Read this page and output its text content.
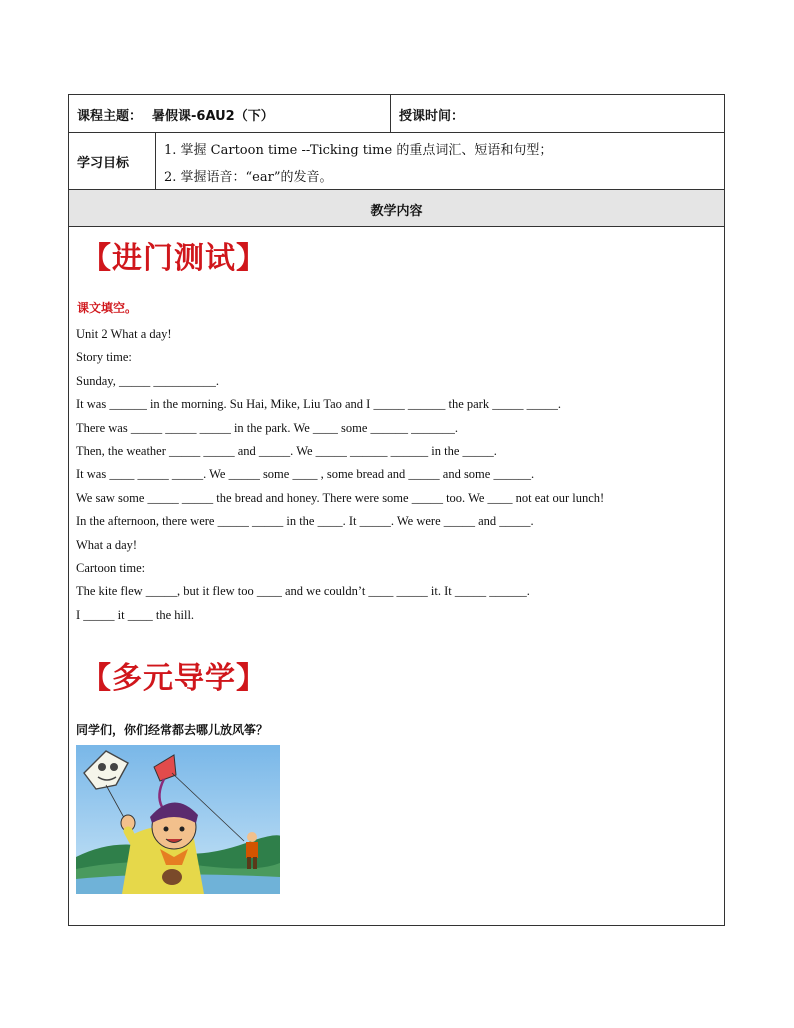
课程主题： 暑假课-6AU2（下）	授课时间：
学习目标
1. 掌握 Cartoon time --Ticking time 的重点词汇、短语和句型；
2. 掌握语音：“ear”的发音。
教学内容
【进门测试】
课文填空。
Unit 2 What a day!
Story time:
Sunday, _____ __________.
It was ______ in the morning. Su Hai, Mike, Liu Tao and I _____ ______ the park _____ _____.
There was _____ _____ _____ in the park. We ____ some ______ _______.
Then, the weather _____ _____ and _____. We _____ ______ ______ in the _____.
It was ____ _____ _____. We _____ some ____ , some bread and _____ and some ______.
We saw some _____ _____ the bread and honey. There were some _____ too. We ____ not eat our lunch!
In the afternoon, there were _____ _____ in the ____. It _____. We were _____ and _____.
What a day!
Cartoon time:
The kite flew _____, but it flew too ____ and we couldn’t ____ _____ it. It _____ ______.
I _____ it ____ the hill.
【多元导学】
同学们，你们经常都去哪儿放风筝？
